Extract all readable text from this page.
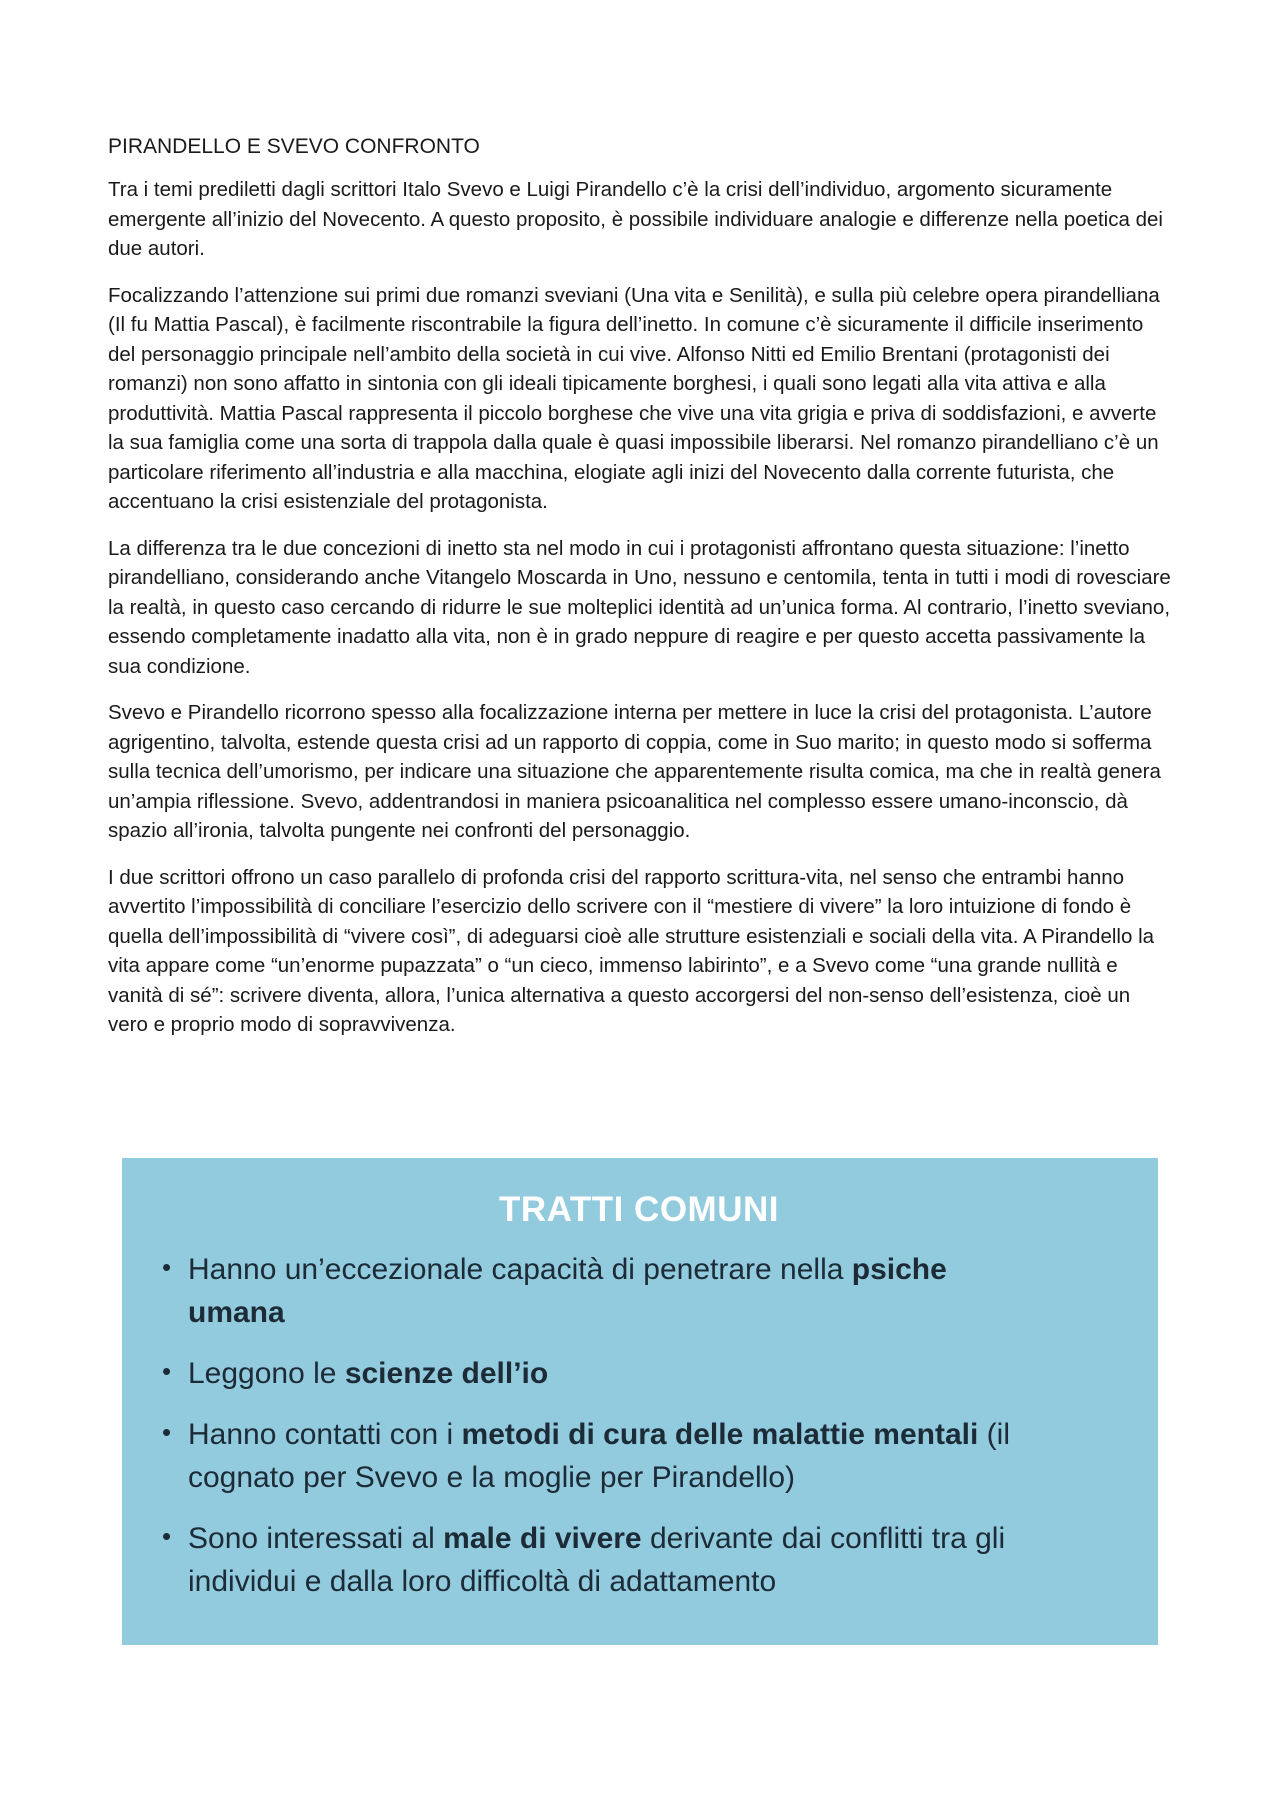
PIRANDELLO E SVEVO CONFRONTO

Tra i temi prediletti dagli scrittori Italo Svevo e Luigi Pirandello c’è la crisi dell’individuo, argomento sicuramente emergente all’inizio del Novecento. A questo proposito, è possibile individuare analogie e differenze nella poetica dei due autori.

Focalizzando l’attenzione sui primi due romanzi sveviani (Una vita e Senilità), e sulla più celebre opera pirandelliana (Il fu Mattia Pascal), è facilmente riscontrabile la figura dell’inetto. In comune c’è sicuramente il difficile inserimento del personaggio principale nell’ambito della società in cui vive. Alfonso Nitti ed Emilio Brentani (protagonisti dei romanzi) non sono affatto in sintonia con gli ideali tipicamente borghesi, i quali sono legati alla vita attiva e alla produttività. Mattia Pascal rappresenta il piccolo borghese che vive una vita grigia e priva di soddisfazioni, e avverte la sua famiglia come una sorta di trappola dalla quale è quasi impossibile liberarsi. Nel romanzo pirandelliano c’è un particolare riferimento all’industria e alla macchina, elogiate agli inizi del Novecento dalla corrente futurista, che accentuano la crisi esistenziale del protagonista.

La differenza tra le due concezioni di inetto sta nel modo in cui i protagonisti affrontano questa situazione: l’inetto pirandelliano, considerando anche Vitangelo Moscarda in Uno, nessuno e centomila, tenta in tutti i modi di rovesciare la realtà, in questo caso cercando di ridurre le sue molteplici identità ad un’unica forma. Al contrario, l’inetto sveviano, essendo completamente inadatto alla vita, non è in grado neppure di reagire e per questo accetta passivamente la sua condizione.

Svevo e Pirandello ricorrono spesso alla focalizzazione interna per mettere in luce la crisi del protagonista. L’autore agrigentino, talvolta, estende questa crisi ad un rapporto di coppia, come in Suo marito; in questo modo si sofferma sulla tecnica dell’umorismo, per indicare una situazione che apparentemente risulta comica, ma che in realtà genera un’ampia riflessione. Svevo, addentrandosi in maniera psicoanalitica nel complesso essere umano-inconscio, dà spazio all’ironia, talvolta pungente nei confronti del personaggio.

I due scrittori offrono un caso parallelo di profonda crisi del rapporto scrittura-vita, nel senso che entrambi hanno avvertito l’impossibilità di conciliare l’esercizio dello scrivere con il “mestiere di vivere” la loro intuizione di fondo è quella dell’impossibilità di “vivere così”, di adeguarsi cioè alle strutture esistenziali e sociali della vita. A Pirandello la vita appare come “un’enorme pupazzata” o “un cieco, immenso labirinto”, e a Svevo come “una grande nullità e vanità di sé”: scrivere diventa, allora, l’unica alternativa a questo accorgersi del non-senso dell’esistenza, cioè un vero e proprio modo di sopravvivenza.

TRATTI COMUNI
• Hanno un’eccezionale capacità di penetrare nella psiche
umana
• Leggono le scienze dell’io
• Hanno contatti con i metodi di cura delle malattie mentali (il
cognato per Svevo e la moglie per Pirandello)
• Sono interessati al male di vivere derivante dai conflitti tra gli
individui e dalla loro difficoltà di adattamento
